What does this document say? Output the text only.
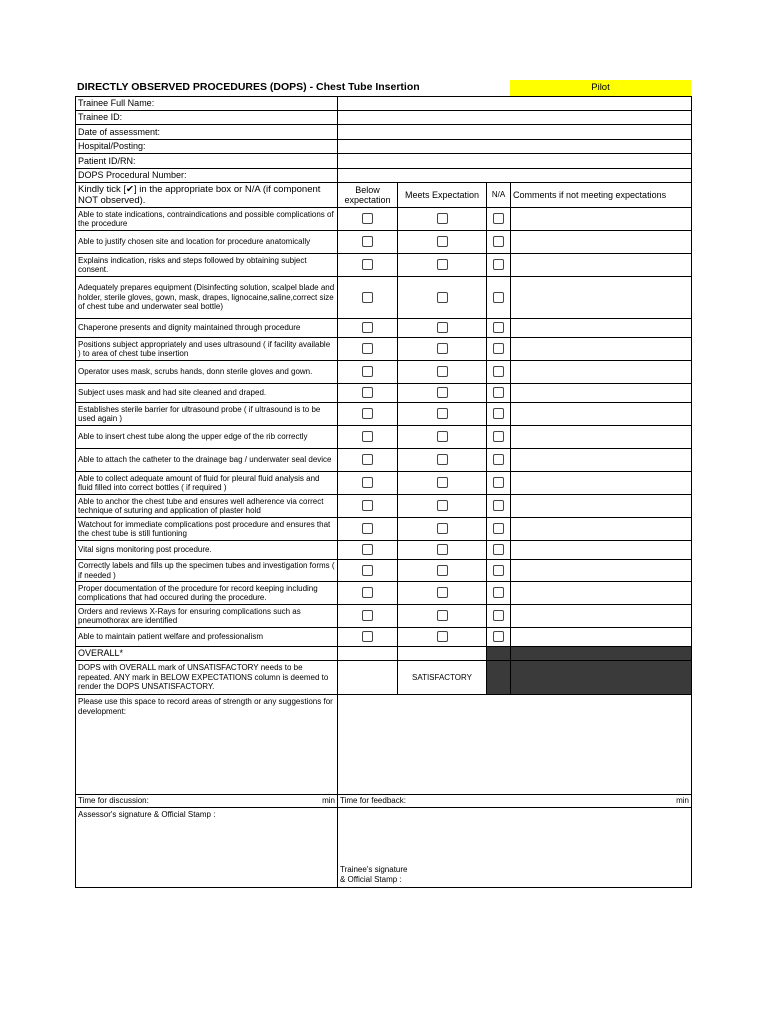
DIRECTLY OBSERVED PROCEDURES (DOPS) - Chest Tube Insertion	Pilot
Trainee Full Name:				
Trainee ID:				
Date of assessment:				
Hospital/Posting:				
Patient ID/RN:				
DOPS Procedural Number:				
Kindly tick [✔] in the appropriate box or N/A (if component NOT observed).	Below expectation	Meets Expectation	N/A	Comments if not meeting expectations
Able to state indications, contraindications and possible complications of the procedure				
Able to justify chosen site and location for procedure anatomically				
Explains indication, risks and steps followed by obtaining subject consent.				
Adequately prepares equipment (Disinfecting solution, scalpel blade and holder, sterile gloves, gown, mask, drapes, lignocaine,saline,correct size of chest tube and underwater seal bottle)				
Chaperone presents and dignity maintained through procedure				
Positions subject appropriately and uses ultrasound ( if facility available ) to area of chest tube insertion				
Operator uses mask, scrubs hands, donn sterile gloves and gown.				
Subject uses mask and had site cleaned and draped.				
Establishes sterile barrier for ultrasound probe ( if ultrasound is to be used again )				
Able to insert chest tube along the upper edge of the rib correctly				
Able to attach the catheter to the drainage bag / underwater seal device				
Able to collect adequate amount of fluid for pleural fluid analysis and fluid filled into correct bottles ( if required )				
Able to anchor the chest tube and ensures well adherence via correct technique of suturing and application of plaster hold				
Watchout for immediate complications post procedure and ensures that the chest tube is still funtioning				
Vital signs monitoring post procedure.				
Correctly labels and fills up the specimen tubes and investigation forms ( if needed )				
Proper documentation of the procedure for record keeping including complications that had occured during the procedure.				
Orders and reviews X-Rays for ensuring complications such as pneumothorax are identified				
Able to maintain patient welfare and professionalism				
OVERALL*				
DOPS with OVERALL mark of UNSATISFACTORY needs to be repeated. ANY mark in BELOW EXPECTATIONS column is deemed to render the DOPS UNSATISFACTORY.		SATISFACTORY		
Please use this space to record areas of strength or any suggestions for development:				
Time for discussion: min	Time for feedback: min			

Assessor's signature & Official Stamp :	Trainee's signature
& Official Stamp :			
